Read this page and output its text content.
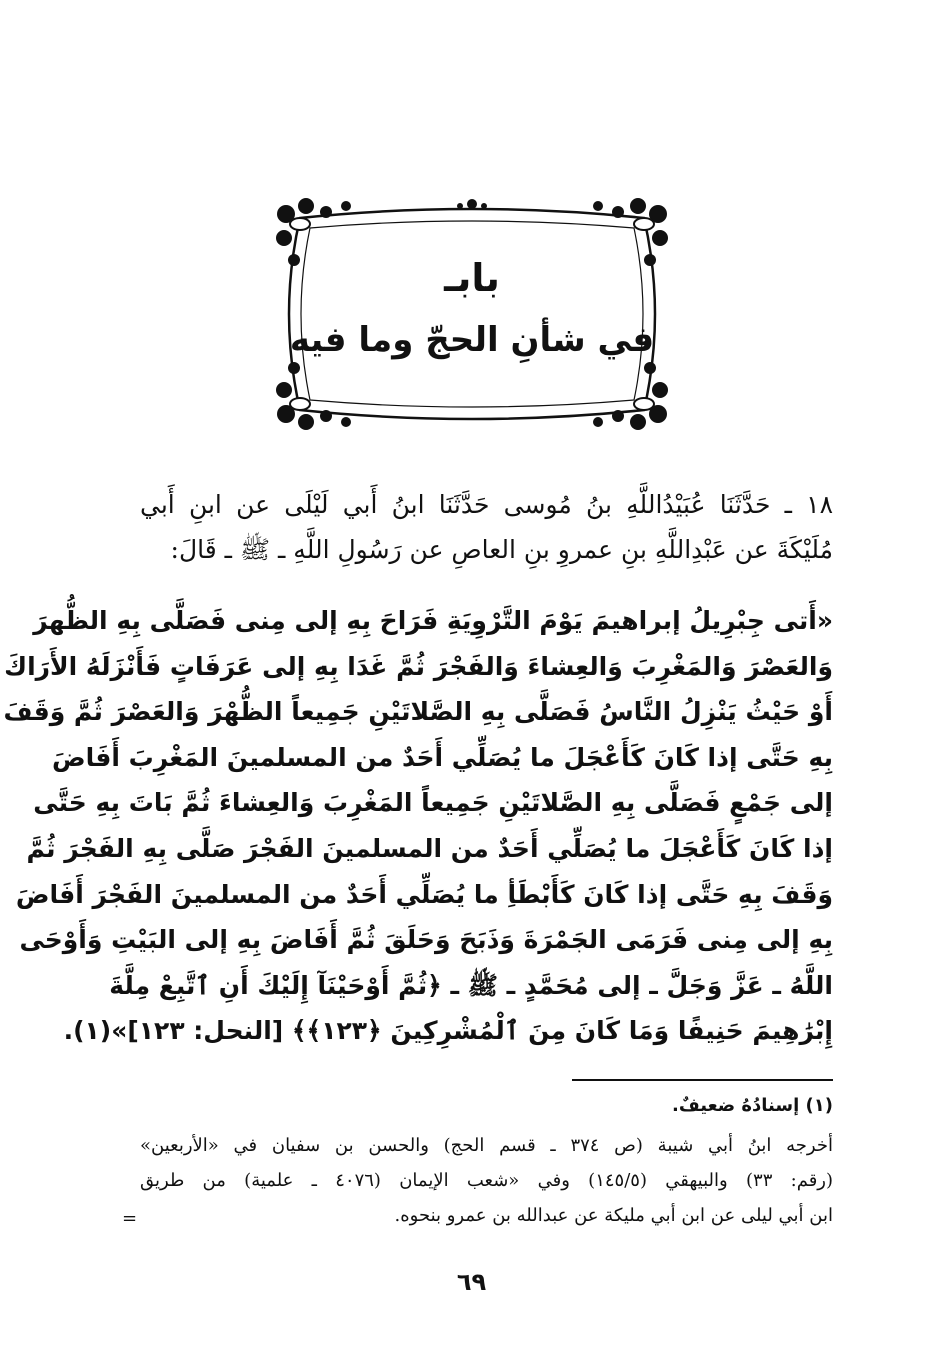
بابـ
في شأنِ الحجّ وما فيه
١٨ ـ حَدَّثَنَا عُبَيْدُاللَّهِ بنُ مُوسى حَدَّثَنَا ابنُ أَبي لَيْلَى عن ابنِ أَبي
مُلَيْكَةَ عن عَبْدِاللَّهِ بنِ عمروِ بنِ العاصِ عن رَسُولِ اللَّهِ ـ ﷺ ـ قَالَ:
«أَتى جِبْرِيلُ إبراهيمَ يَوْمَ التَّرْوِيَةِ فَرَاحَ بِهِ إلى مِنى فَصَلَّى بِهِ الظُّهرَ
وَالعَصْرَ وَالمَغْرِبَ وَالعِشاءَ وَالفَجْرَ ثُمَّ غَدَا بِهِ إلى عَرَفَاتٍ فَأَنْزَلَهُ الأَرَاكَ
أَوْ حَيْثُ يَنْزِلُ النَّاسُ فَصَلَّى بِهِ الصَّلاتَيْنِ جَمِيعاً الظُّهْرَ وَالعَصْرَ ثُمَّ وَقَفَ
بِهِ حَتَّى إذا كَانَ كَأَعْجَلَ ما يُصَلِّي أَحَدٌ من المسلمينَ المَغْرِبَ أَفَاضَ
إلى جَمْعٍ فَصَلَّى بِهِ الصَّلاتَيْنِ جَمِيعاً المَغْرِبَ وَالعِشاءَ ثُمَّ بَاتَ بِهِ حَتَّى
إذا كَانَ كَأَعْجَلَ ما يُصَلِّي أَحَدٌ من المسلمينَ الفَجْرَ صَلَّى بِهِ الفَجْرَ ثُمَّ
وَقَفَ بِهِ حَتَّى إذا كَانَ كَأَبْطَأِ ما يُصَلِّي أَحَدٌ من المسلمينَ الفَجْرَ أَفَاضَ
بِهِ إلى مِنى فَرَمَى الجَمْرَةَ وَذَبَحَ وَحَلَقَ ثُمَّ أَفَاضَ بِهِ إلى البَيْتِ وَأَوْحَى
اللَّهُ ـ عَزَّ وَجَلَّ ـ إلى مُحَمَّدٍ ـ ﷺ ـ ﴿ثُمَّ أَوْحَيْنَآ إِلَيْكَ أَنِ ٱتَّبِعْ مِلَّةَ
إِبْرَٰهِيمَ حَنِيفًا وَمَا كَانَ مِنَ ٱلْمُشْرِكِينَ ﴿١٢٣﴾﴾ [النحل: ١٢٣]»(١).
(١) إسنادُهُ ضعيفٌ.
أخرجه ابنُ أبي شيبة (ص ٣٧٤ ـ قسم الحج) والحسن بن سفيان في «الأربعين»
(رقم: ٣٣) والبيهقي (١٤٥/٥) وفي «شعب الإيمان (٤٠٧٦ ـ علمية) من طريق
ابن أبي ليلى عن ابن أبي مليكة عن عبدالله بن عمرو بنحوه.
=
٦٩
